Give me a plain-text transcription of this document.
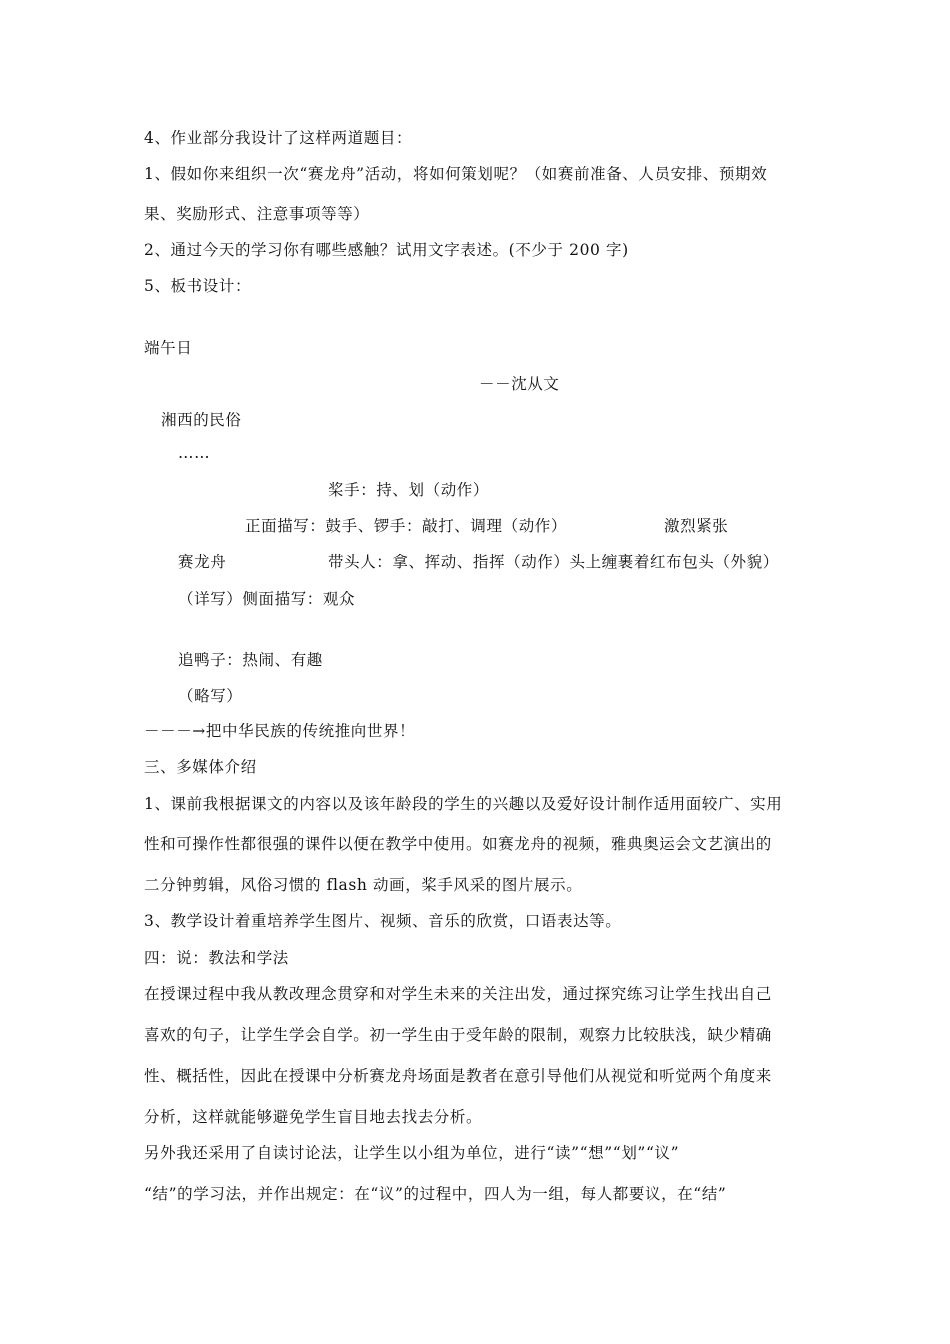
4、作业部分我设计了这样两道题目：
1、假如你来组织一次“赛龙舟”活动，将如何策划呢？（如赛前准备、人员安排、预期效
果、奖励形式、注意事项等等）
2、通过今天的学习你有哪些感触？试用文字表述。(不少于 200 字)
5、板书设计：
端午日
－－沈从文
湘西的民俗
……
桨手：持、划（动作）
正面描写：鼓手、锣手：敲打、调理（动作）	激烈紧张
赛龙舟	带头人：拿、挥动、指挥（动作）头上缠裹着红布包头（外貌）
（详写）侧面描写：观众
追鸭子：热闹、有趣
（略写）
－－－→把中华民族的传统推向世界！
三、多媒体介绍
1、课前我根据课文的内容以及该年龄段的学生的兴趣以及爱好设计制作适用面较广、实用
性和可操作性都很强的课件以便在教学中使用。如赛龙舟的视频，雅典奥运会文艺演出的
二分钟剪辑，风俗习惯的 flash 动画，桨手风采的图片展示。
3、教学设计着重培养学生图片、视频、音乐的欣赏，口语表达等。
四：说：教法和学法
在授课过程中我从教改理念贯穿和对学生未来的关注出发，通过探究练习让学生找出自己
喜欢的句子，让学生学会自学。初一学生由于受年龄的限制，观察力比较肤浅，缺少精确
性、概括性，因此在授课中分析赛龙舟场面是教者在意引导他们从视觉和听觉两个角度来
分析，这样就能够避免学生盲目地去找去分析。
另外我还采用了自读讨论法，让学生以小组为单位，进行“读”“想”“划”“议”
“结”的学习法，并作出规定：在“议”的过程中，四人为一组，每人都要议，在“结”
